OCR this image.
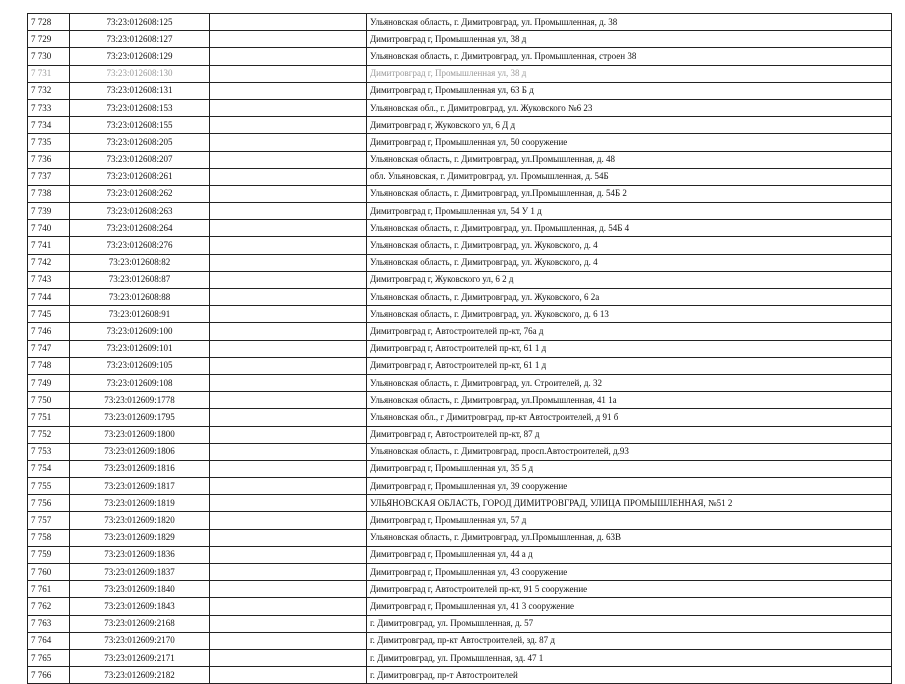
7 728	73:23:012608:125		Ульяновская область, г. Димитровград, ул. Промышленная, д. 38
7 729	73:23:012608:127		Димитровград г, Промышленная ул, 38 д
7 730	73:23:012608:129		Ульяновская область, г. Димитровград, ул. Промышленная, строен 38
7 731	73:23:012608:130		Димитровград г, Промышленная ул, 38 д
7 732	73:23:012608:131		Димитровград г, Промышленная ул, 63 Б д
7 733	73:23:012608:153		Ульяновская обл., г. Димитровград, ул. Жуковского №6 23
7 734	73:23:012608:155		Димитровград г, Жуковского ул, 6 Д д
7 735	73:23:012608:205		Димитровград г, Промышленная ул, 50 сооружение
7 736	73:23:012608:207		Ульяновская область, г. Димитровград, ул.Промышленная, д. 48
7 737	73:23:012608:261		обл. Ульяновская, г. Димитровград, ул. Промышленная, д. 54Б
7 738	73:23:012608:262		Ульяновская область, г. Димитровград, ул.Промышленная, д. 54Б 2
7 739	73:23:012608:263		Димитровград г, Промышленная ул, 54 У 1 д
7 740	73:23:012608:264		Ульяновская область, г. Димитровград, ул. Промышленная, д. 54Б 4
7 741	73:23:012608:276		Ульяновская область, г. Димитровград, ул. Жуковского, д. 4
7 742	73:23:012608:82		Ульяновская область, г. Димитровград, ул. Жуковского, д. 4
7 743	73:23:012608:87		Димитровград г, Жуковского ул, 6 2 д
7 744	73:23:012608:88		Ульяновская область, г. Димитровград, ул. Жуковского, 6 2а
7 745	73:23:012608:91		Ульяновская область, г. Димитровград, ул. Жуковского, д. 6 13
7 746	73:23:012609:100		Димитровград г, Автостроителей пр-кт, 76а д
7 747	73:23:012609:101		Димитровград г, Автостроителей пр-кт, 61 1 д
7 748	73:23:012609:105		Димитровград г, Автостроителей пр-кт, 61 1 д
7 749	73:23:012609:108		Ульяновская область, г. Димитровград, ул. Строителей, д. 32
7 750	73:23:012609:1778		Ульяновская область, г. Димитровград, ул.Промышленная, 41 1а
7 751	73:23:012609:1795		Ульяновская обл., г Димитровград, пр-кт Автостроителей, д 91 б
7 752	73:23:012609:1800		Димитровград г, Автостроителей пр-кт, 87 д
7 753	73:23:012609:1806		Ульяновская область, г. Димитровград, просп.Автостроителей, д.93
7 754	73:23:012609:1816		Димитровград г, Промышленная ул, 35 5 д
7 755	73:23:012609:1817		Димитровград г, Промышленная ул, 39 сооружение
7 756	73:23:012609:1819		УЛЬЯНОВСКАЯ ОБЛАСТЬ, ГОРОД ДИМИТРОВГРАД, УЛИЦА ПРОМЫШЛЕННАЯ, №51 2
7 757	73:23:012609:1820		Димитровград г, Промышленная ул, 57 д
7 758	73:23:012609:1829		Ульяновская область, г. Димитровград, ул.Промышленная, д. 63В
7 759	73:23:012609:1836		Димитровград г, Промышленная ул, 44 а д
7 760	73:23:012609:1837		Димитровград г, Промышленная ул, 43 сооружение
7 761	73:23:012609:1840		Димитровград г, Автостроителей пр-кт, 91 5 сооружение
7 762	73:23:012609:1843		Димитровград г, Промышленная ул, 41 3 сооружение
7 763	73:23:012609:2168		г. Димитровград, ул. Промышленная, д. 57
7 764	73:23:012609:2170		г. Димитровград, пр-кт Автостроителей, зд. 87 д
7 765	73:23:012609:2171		г. Димитровград, ул. Промышленная, зд. 47 1
7 766	73:23:012609:2182		г. Димитровград, пр-т Автостроителей
